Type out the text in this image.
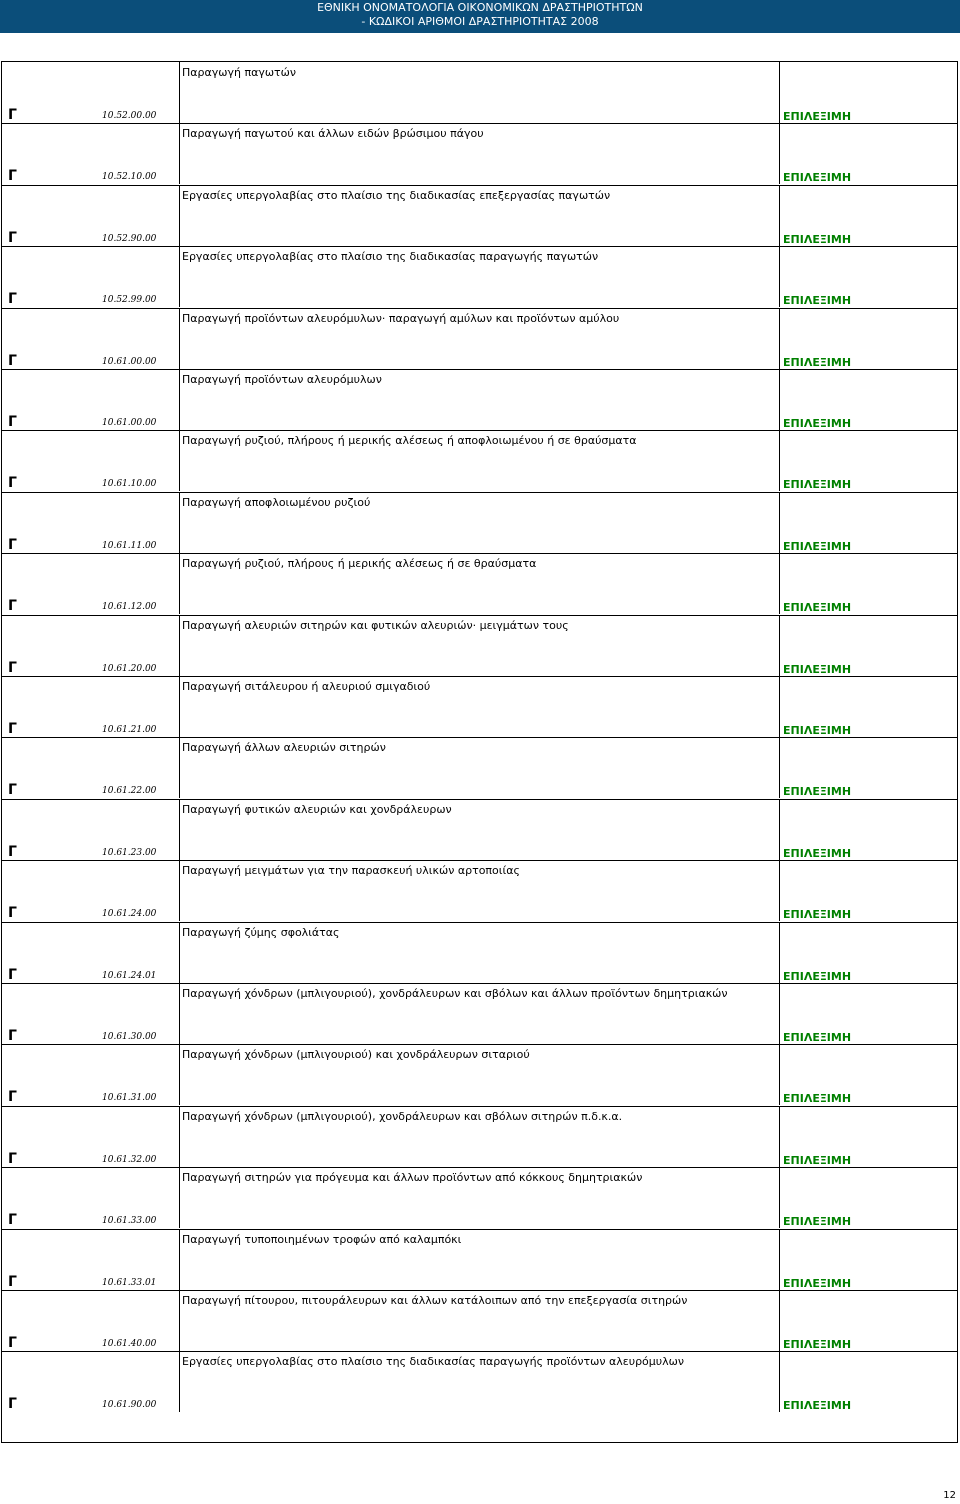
ΕΘΝΙΚΗ ΟΝΟΜΑΤΟΛΟΓΙΑ ΟΙΚΟΝΟΜΙΚΩΝ ΔΡΑΣΤΗΡΙΟΤΗΤΩΝ
- ΚΩΔΙΚΟΙ ΑΡΙΘΜΟΙ ΔΡΑΣΤΗΡΙΟΤΗΤΑΣ 2008
Παραγωγή παγωτών
Γ	10.52.00.00	ΕΠΙΛΕΞΙΜΗ
Παραγωγή παγωτού και άλλων ειδών βρώσιμου πάγου
Γ	10.52.10.00	ΕΠΙΛΕΞΙΜΗ
Εργασίες υπεργολαβίας στο πλαίσιο της διαδικασίας επεξεργασίας παγωτών
Γ	10.52.90.00	ΕΠΙΛΕΞΙΜΗ
Εργασίες υπεργολαβίας στο πλαίσιο της διαδικασίας παραγωγής παγωτών
Γ	10.52.99.00	ΕΠΙΛΕΞΙΜΗ
Παραγωγή προϊόντων αλευρόμυλων· παραγωγή αμύλων και προϊόντων αμύλου
Γ	10.61.00.00	ΕΠΙΛΕΞΙΜΗ
Παραγωγή προϊόντων αλευρόμυλων
Γ	10.61.00.00	ΕΠΙΛΕΞΙΜΗ
Παραγωγή ρυζιού, πλήρους ή μερικής αλέσεως ή αποφλοιωμένου ή σε θραύσματα
Γ	10.61.10.00	ΕΠΙΛΕΞΙΜΗ
Παραγωγή αποφλοιωμένου ρυζιού
Γ	10.61.11.00	ΕΠΙΛΕΞΙΜΗ
Παραγωγή ρυζιού, πλήρους ή μερικής αλέσεως ή σε θραύσματα
Γ	10.61.12.00	ΕΠΙΛΕΞΙΜΗ
Παραγωγή αλευριών σιτηρών και φυτικών αλευριών· μειγμάτων τους
Γ	10.61.20.00	ΕΠΙΛΕΞΙΜΗ
Παραγωγή σιτάλευρου ή αλευριού σμιγαδιού
Γ	10.61.21.00	ΕΠΙΛΕΞΙΜΗ
Παραγωγή άλλων αλευριών σιτηρών
Γ	10.61.22.00	ΕΠΙΛΕΞΙΜΗ
Παραγωγή φυτικών αλευριών και χονδράλευρων
Γ	10.61.23.00	ΕΠΙΛΕΞΙΜΗ
Παραγωγή μειγμάτων για την παρασκευή υλικών αρτοποιίας
Γ	10.61.24.00	ΕΠΙΛΕΞΙΜΗ
Παραγωγή ζύμης σφολιάτας
Γ	10.61.24.01	ΕΠΙΛΕΞΙΜΗ
Παραγωγή χόνδρων (μπλιγουριού), χονδράλευρων και σβόλων και άλλων προϊόντων δημητριακών
Γ	10.61.30.00	ΕΠΙΛΕΞΙΜΗ
Παραγωγή χόνδρων (μπλιγουριού) και χονδράλευρων σιταριού
Γ	10.61.31.00	ΕΠΙΛΕΞΙΜΗ
Παραγωγή χόνδρων (μπλιγουριού), χονδράλευρων και σβόλων σιτηρών π.δ.κ.α.
Γ	10.61.32.00	ΕΠΙΛΕΞΙΜΗ
Παραγωγή σιτηρών για πρόγευμα και άλλων προϊόντων από κόκκους δημητριακών
Γ	10.61.33.00	ΕΠΙΛΕΞΙΜΗ
Παραγωγή τυποποιημένων τροφών από καλαμπόκι
Γ	10.61.33.01	ΕΠΙΛΕΞΙΜΗ
Παραγωγή πίτουρου, πιτουράλευρων και άλλων κατάλοιπων από την επεξεργασία σιτηρών
Γ	10.61.40.00	ΕΠΙΛΕΞΙΜΗ
Εργασίες υπεργολαβίας στο πλαίσιο της διαδικασίας παραγωγής προϊόντων αλευρόμυλων
Γ	10.61.90.00	ΕΠΙΛΕΞΙΜΗ
12
